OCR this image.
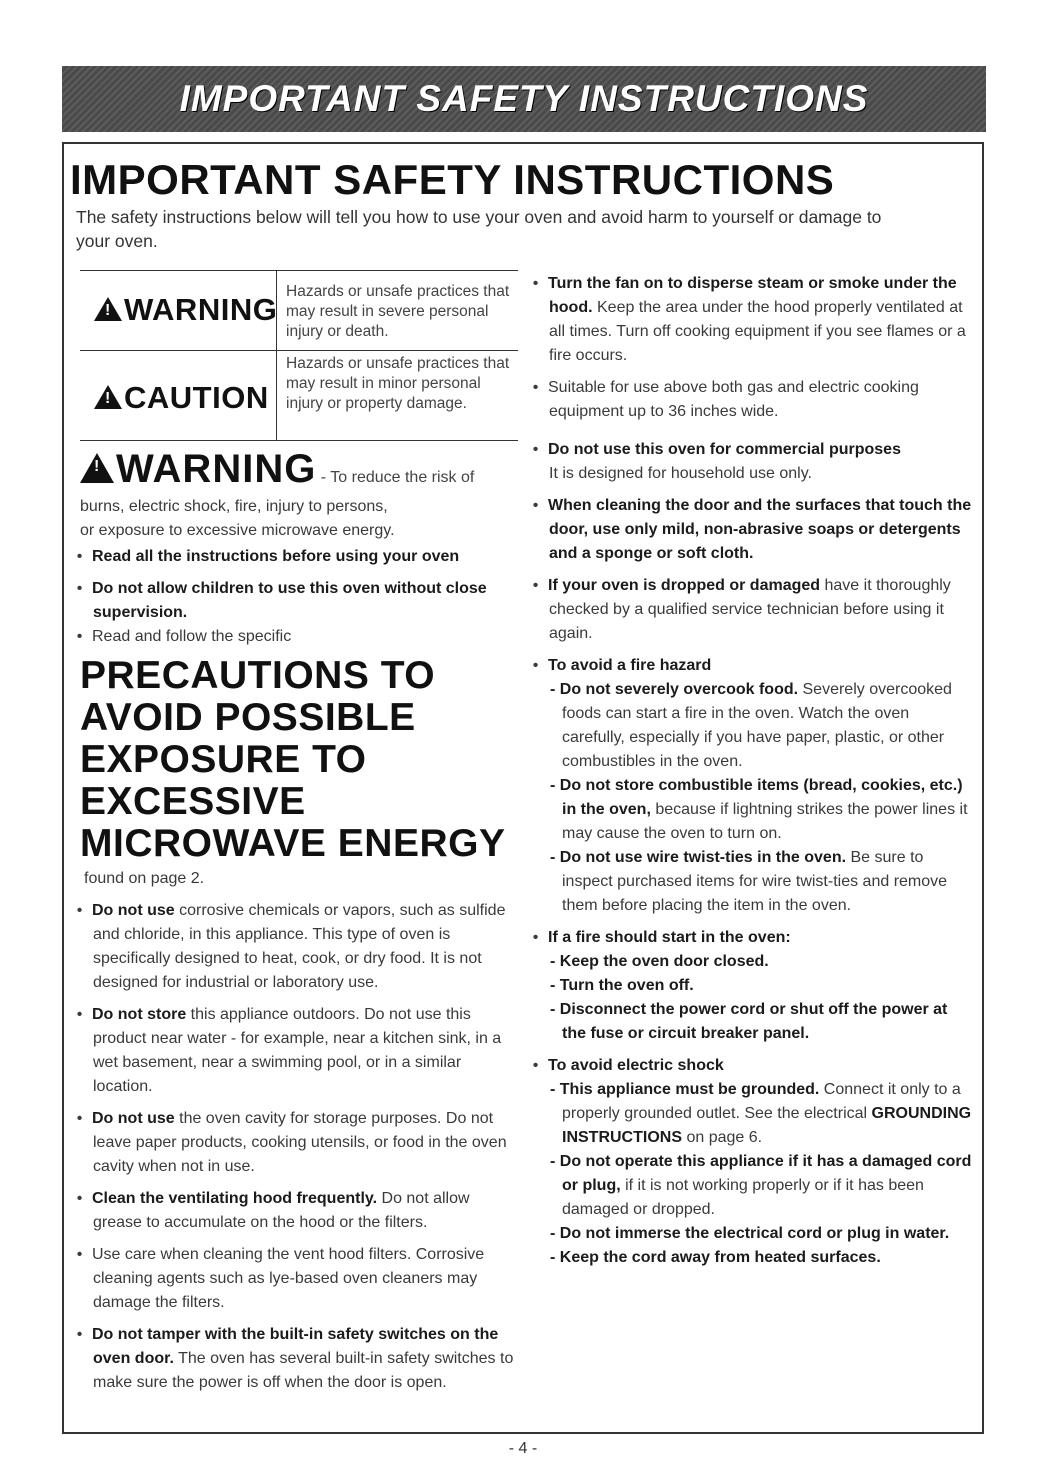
IMPORTANT SAFETY INSTRUCTIONS
IMPORTANT SAFETY INSTRUCTIONS
The safety instructions below will tell you how to use your oven and avoid harm to yourself or damage to your oven.
!WARNING
Hazards or unsafe practices that may result in severe personal injury or death.
!CAUTION
Hazards or unsafe practices that may result in minor personal injury or property damage.
!WARNING - To reduce the risk of

burns, electric shock, fire, injury to persons,

or exposure to excessive microwave energy.

• Read all the instructions before using your oven

• Do not allow children to use this oven without close supervision.

• Read and follow the specific

PRECAUTIONS TO AVOID POSSIBLE EXPOSURE TO EXCESSIVE MICROWAVE ENERGY

found on page 2.

• Do not use corrosive chemicals or vapors, such as sulfide and chloride, in this appliance. This type of oven is specifically designed to heat, cook, or dry food. It is not designed for industrial or laboratory use.

• Do not store this appliance outdoors. Do not use this product near water - for example, near a kitchen sink, in a wet basement, near a swimming pool, or in a similar location.

• Do not use the oven cavity for storage purposes. Do not leave paper products, cooking utensils, or food in the oven cavity when not in use.

• Clean the ventilating hood frequently. Do not allow grease to accumulate on the hood or the filters.

• Use care when cleaning the vent hood filters. Corrosive cleaning agents such as lye-based oven cleaners may damage the filters.

• Do not tamper with the built-in safety switches on the oven door. The oven has several built-in safety switches to make sure the power is off when the door is open.

• Turn the fan on to disperse steam or smoke under the hood. Keep the area under the hood properly ventilated at all times. Turn off cooking equipment if you see flames or a fire occurs.

• Suitable for use above both gas and electric cooking equipment up to 36 inches wide.

• Do not use this oven for commercial purposes
It is designed for household use only.

• When cleaning the door and the surfaces that touch the door, use only mild, non-abrasive soaps or detergents and a sponge or soft cloth.

• If your oven is dropped or damaged have it thoroughly checked by a qualified service technician before using it again.

• To avoid a fire hazard

- Do not severely overcook food. Severely overcooked foods can start a fire in the oven. Watch the oven carefully, especially if you have paper, plastic, or other combustibles in the oven.

- Do not store combustible items (bread, cookies, etc.) in the oven, because if lightning strikes the power lines it may cause the oven to turn on.

- Do not use wire twist-ties in the oven. Be sure to inspect purchased items for wire twist-ties and remove them before placing the item in the oven.

• If a fire should start in the oven:

- Keep the oven door closed.

- Turn the oven off.

- Disconnect the power cord or shut off the power at the fuse or circuit breaker panel.

• To avoid electric shock

- This appliance must be grounded. Connect it only to a properly grounded outlet. See the electrical GROUNDING INSTRUCTIONS on page 6.

- Do not operate this appliance if it has a damaged cord or plug, if it is not working properly or if it has been damaged or dropped.

- Do not immerse the electrical cord or plug in water.

- Keep the cord away from heated surfaces.

- 4 -
